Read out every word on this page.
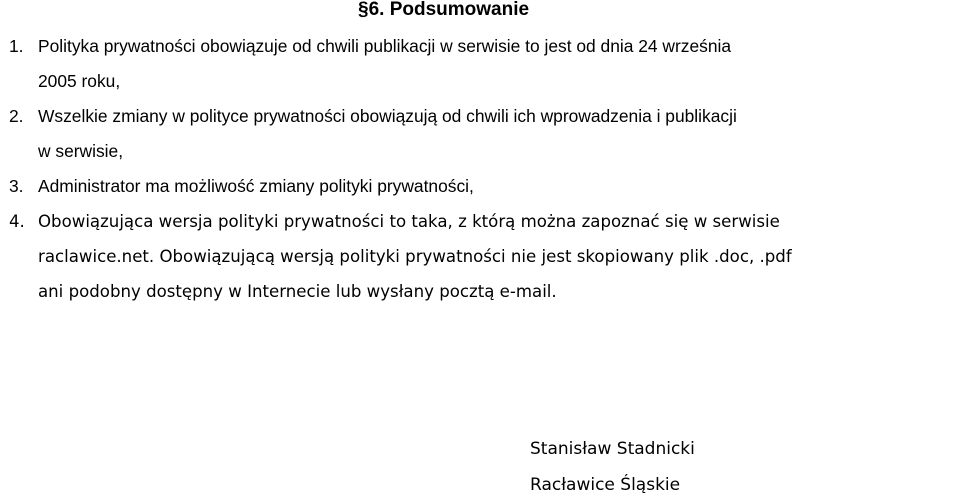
§6. Podsumowanie
1. Polityka prywatności obowiązuje od chwili publikacji w serwisie to jest od dnia 24 września
2005 roku,
2. Wszelkie zmiany w polityce prywatności obowiązują od chwili ich wprowadzenia i publikacji
w serwisie,
3. Administrator ma możliwość zmiany polityki prywatności,
4. Obowiązująca wersja polityki prywatności to taka, z którą można zapoznać się w serwisie
raclawice.net. Obowiązującą wersją polityki prywatności nie jest skopiowany plik .doc, .pdf
ani podobny dostępny w Internecie lub wysłany pocztą e-mail.
Stanisław Stadnicki
Racławice Śląskie
